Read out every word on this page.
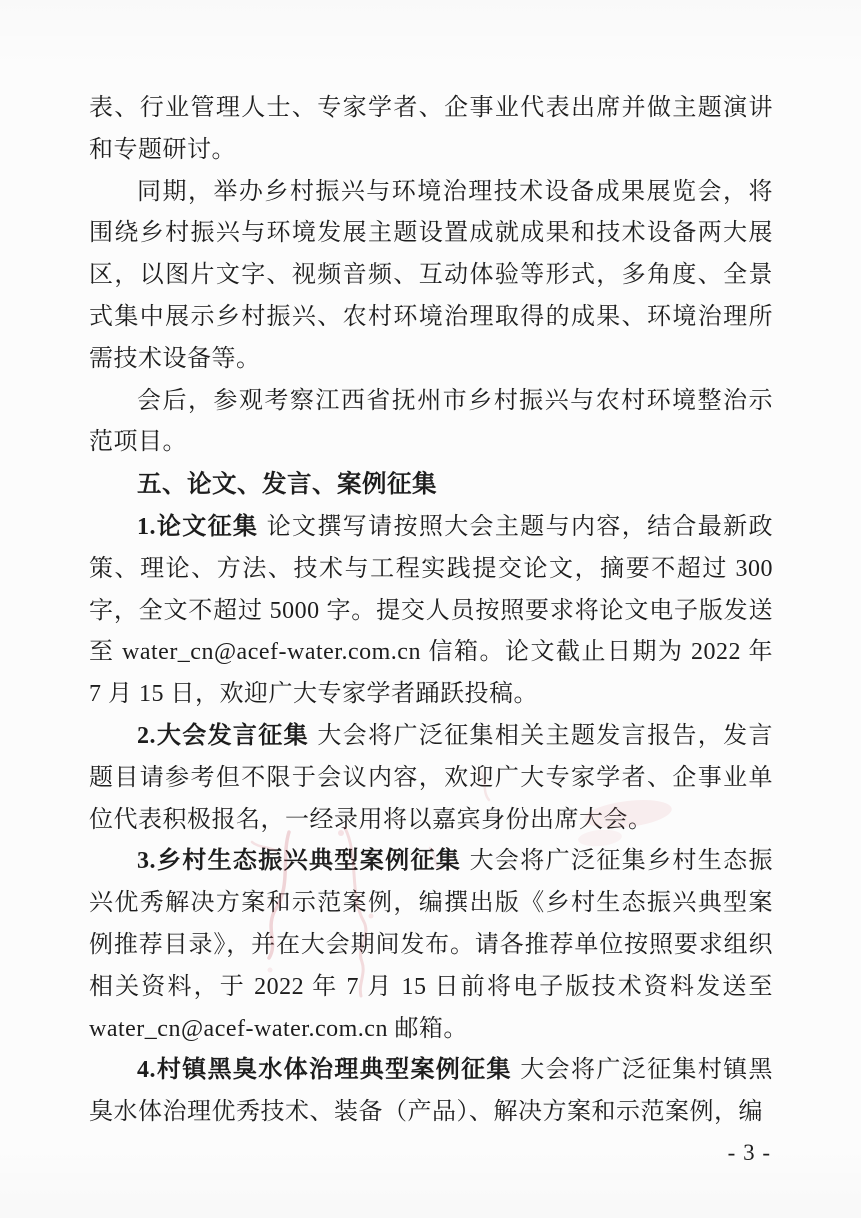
表、行业管理人士、专家学者、企事业代表出席并做主题演讲和专题研讨。

同期，举办乡村振兴与环境治理技术设备成果展览会，将围绕乡村振兴与环境发展主题设置成就成果和技术设备两大展区，以图片文字、视频音频、互动体验等形式，多角度、全景式集中展示乡村振兴、农村环境治理取得的成果、环境治理所需技术设备等。

会后，参观考察江西省抚州市乡村振兴与农村环境整治示范项目。

五、论文、发言、案例征集

1.论文征集 论文撰写请按照大会主题与内容，结合最新政策、理论、方法、技术与工程实践提交论文，摘要不超过 300 字，全文不超过 5000 字。提交人员按照要求将论文电子版发送至 water_cn@acef-water.com.cn 信箱。论文截止日期为 2022 年 7 月 15 日，欢迎广大专家学者踊跃投稿。

2.大会发言征集 大会将广泛征集相关主题发言报告，发言题目请参考但不限于会议内容，欢迎广大专家学者、企事业单位代表积极报名，一经录用将以嘉宾身份出席大会。

3.乡村生态振兴典型案例征集 大会将广泛征集乡村生态振兴优秀解决方案和示范案例，编撰出版《乡村生态振兴典型案例推荐目录》，并在大会期间发布。请各推荐单位按照要求组织相关资料，于 2022 年 7 月 15 日前将电子版技术资料发送至 water_cn@acef-water.com.cn 邮箱。

4.村镇黑臭水体治理典型案例征集 大会将广泛征集村镇黑臭水体治理优秀技术、装备（产品）、解决方案和示范案例，编

- 3 -
